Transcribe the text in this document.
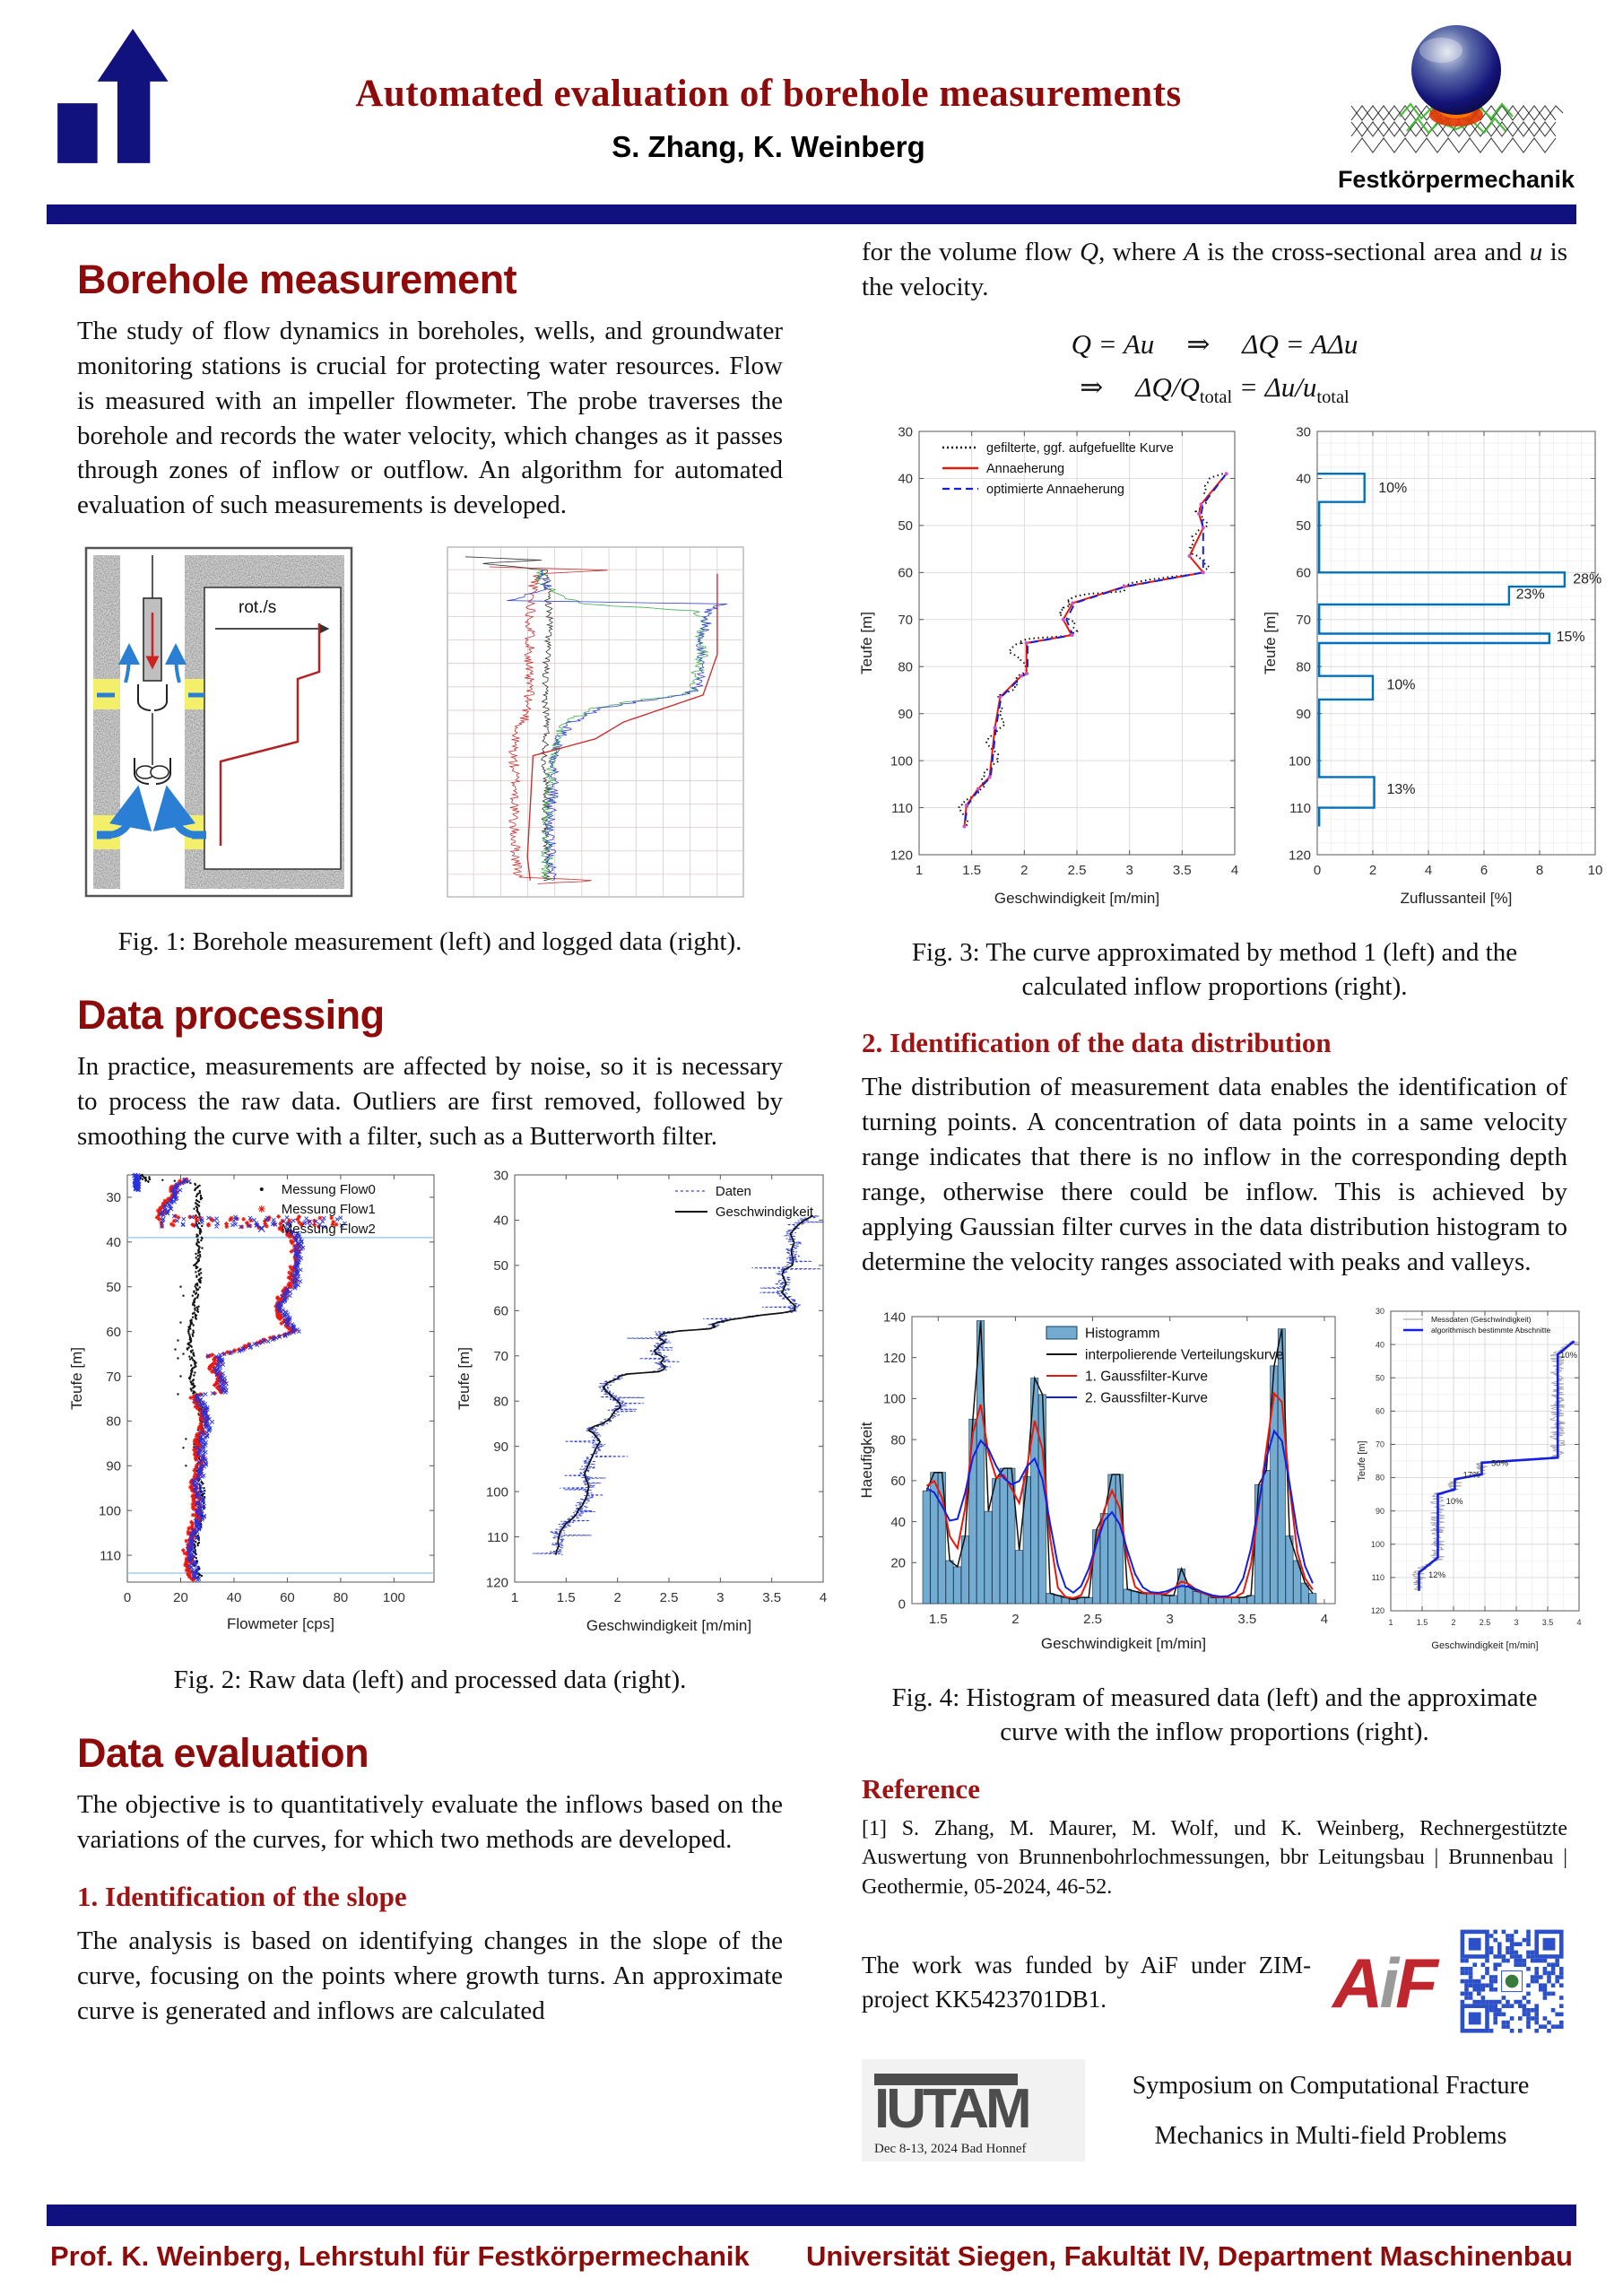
Automated evaluation of borehole measurements
S. Zhang, K. Weinberg
Festkörpermechanik
Borehole measurement

The study of flow dynamics in boreholes, wells, and groundwater monitoring stations is crucial for protecting water resources. Flow is measured with an impeller flowmeter. The probe traverses the borehole and records the water velocity, which changes as it passes through zones of inflow or outflow. An algorithm for automated evaluation of such measurements is developed.

rot./s

Fig. 1: Borehole measurement (left) and logged data (right).

Data processing

In practice, measurements are affected by noise, so it is necessary to process the raw data. Outliers are first removed, followed by smoothing the curve with a filter, such as a Butterworth filter.

0	20	40	60	80	100
30
40
50
60
70
80
90
100
110
Flowmeter [cps]
Teufe [m]
Messung Flow0
Messung Flow1
Messung Flow2
1	1.5	2	2.5	3	3.5	4
30
40
50
60
70
80
90
100
110
120
Geschwindigkeit [m/min]
Teufe [m]
Daten
Geschwindigkeit

Fig. 2: Raw data (left) and processed data (right).

Data evaluation

The objective is to quantitatively evaluate the inflows based on the variations of the curves, for which two methods are developed.

1. Identification of the slope

The analysis is based on identifying changes in the slope of the curve, focusing on the points where growth turns. An approximate curve is generated and inflows are calculated

for the volume flow Q, where A is the cross-sectional area and u is the velocity.

Q = Au ⇒ ΔQ = AΔu
⇒ $\Delta Q/Q_{total} = \Delta u/u_{total}$
1	1.5	2	2.5	3	3.5	4
30
40
50
60
70
80
90
100
110
120
Geschwindigkeit [m/min]
Teufe [m]
gefilterte, ggf. aufgefuellte Kurve
Annaeherung
optimierte Annaeherung
0	2	4	6	8	10
30
40
50
60
70
80
90
100
110
120
Zuflussanteil [%]
Teufe [m]
10%
28%
23%
15%
10%
13%

Fig. 3: The curve approximated by method 1 (left) and the calculated inflow proportions (right).

2. Identification of the data distribution

The distribution of measurement data enables the identification of turning points. A concentration of data points in a same velocity range indicates that there is no inflow in the corresponding depth range, otherwise there could be inflow. This is achieved by applying Gaussian filter curves in the data distribution histogram to determine the velocity ranges associated with peaks and valleys.

1.5	2	2.5	3	3.5	4
0
20
40
60
80
100
120
140
Geschwindigkeit [m/min]
Haeufigkeit
Histogramm
interpolierende Verteilungskurve
1. Gaussfilter-Kurve
2. Gaussfilter-Kurve
1	1.5	2	2.5	3	3.5	4
30
40
50
60
70
80
90
100
110
120
Geschwindigkeit [m/min]
Teufe [m]
10%
50%
17%
10%
12%
Messdaten (Geschwindigkeit)
algorithmisch bestimmte Abschnitte

Fig. 4: Histogram of measured data (left) and the approximate curve with the inflow proportions (right).

Reference

[1] S. Zhang, M. Maurer, M. Wolf, und K. Weinberg, Rechnergestützte Auswertung von Brunnenbohrlochmessungen, bbr Leitungsbau | Brunnenbau | Geothermie, 05-2024, 46-52.

The work was funded by AiF under ZIM-project KK5423701DB1.	AiF
IUTAM
Dec 8-13, 2024 Bad Honnef
Symposium on Computational Fracture
Mechanics in Multi-field Problems
Prof. K. Weinberg, Lehrstuhl für Festkörpermechanik Universität Siegen, Fakultät IV, Department Maschinenbau
